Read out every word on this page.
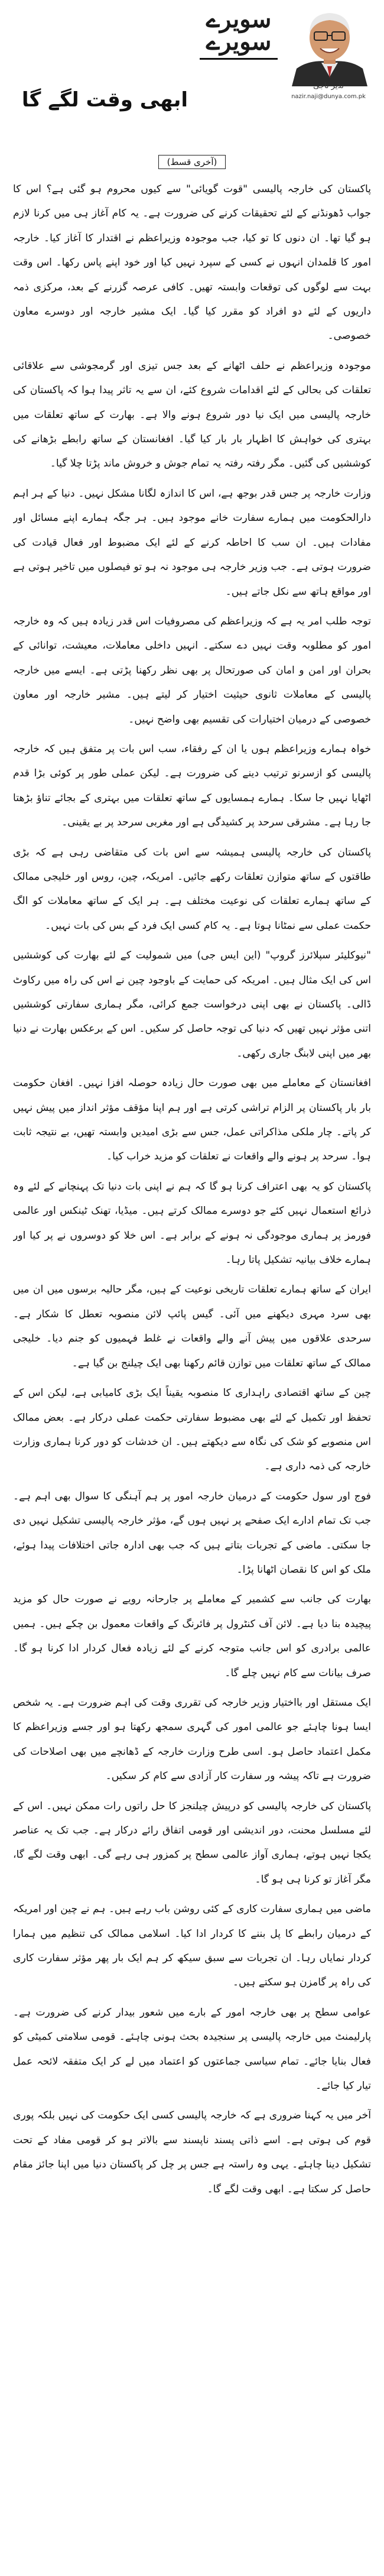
سویرے
سویرے
نذیر ناجی
nazir.naji@dunya.com.pk
ابھی وقت لگے گا
(آخری قسط)

پاکستان کی خارجہ پالیسی "قوت گویائی" سے کیوں محروم ہو گئی ہے؟ اس کا جواب ڈھونڈنے کے لئے تحقیقات کرنے کی ضرورت ہے۔ یہ کام آغاز ہی میں کرنا لازم ہو گیا تھا۔ ان دنوں کا تو کیا، جب موجودہ وزیراعظم نے اقتدار کا آغاز کیا۔ خارجہ امور کا قلمدان انہوں نے کسی کے سپرد نہیں کیا اور خود اپنے پاس رکھا۔ اس وقت بہت سے لوگوں کی توقعات وابستہ تھیں۔ کافی عرصہ گزرنے کے بعد، مرکزی ذمہ داریوں کے لئے دو افراد کو مقرر کیا گیا۔ ایک مشیر خارجہ اور دوسرے معاون خصوصی۔

موجودہ وزیراعظم نے حلف اٹھانے کے بعد جس تیزی اور گرمجوشی سے علاقائی تعلقات کی بحالی کے لئے اقدامات شروع کئے، ان سے یہ تاثر پیدا ہوا کہ پاکستان کی خارجہ پالیسی میں ایک نیا دور شروع ہونے والا ہے۔ بھارت کے ساتھ تعلقات میں بہتری کی خواہش کا اظہار بار بار کیا گیا۔ افغانستان کے ساتھ رابطے بڑھانے کی کوششیں کی گئیں۔ مگر رفتہ رفتہ یہ تمام جوش و خروش ماند پڑتا چلا گیا۔

وزارت خارجہ پر جس قدر بوجھ ہے، اس کا اندازہ لگانا مشکل نہیں۔ دنیا کے ہر اہم دارالحکومت میں ہمارے سفارت خانے موجود ہیں۔ ہر جگہ ہمارے اپنے مسائل اور مفادات ہیں۔ ان سب کا احاطہ کرنے کے لئے ایک مضبوط اور فعال قیادت کی ضرورت ہوتی ہے۔ جب وزیر خارجہ ہی موجود نہ ہو تو فیصلوں میں تاخیر ہوتی ہے اور مواقع ہاتھ سے نکل جاتے ہیں۔

توجہ طلب امر یہ ہے کہ وزیراعظم کی مصروفیات اس قدر زیادہ ہیں کہ وہ خارجہ امور کو مطلوبہ وقت نہیں دے سکتے۔ انہیں داخلی معاملات، معیشت، توانائی کے بحران اور امن و امان کی صورتحال پر بھی نظر رکھنا پڑتی ہے۔ ایسے میں خارجہ پالیسی کے معاملات ثانوی حیثیت اختیار کر لیتے ہیں۔ مشیر خارجہ اور معاون خصوصی کے درمیان اختیارات کی تقسیم بھی واضح نہیں۔

خواہ ہمارے وزیراعظم ہوں یا ان کے رفقاء، سب اس بات پر متفق ہیں کہ خارجہ پالیسی کو ازسرنو ترتیب دینے کی ضرورت ہے۔ لیکن عملی طور پر کوئی بڑا قدم اٹھایا نہیں جا سکا۔ ہمارے ہمسایوں کے ساتھ تعلقات میں بہتری کے بجائے تناؤ بڑھتا جا رہا ہے۔ مشرقی سرحد پر کشیدگی ہے اور مغربی سرحد پر بے یقینی۔

پاکستان کی خارجہ پالیسی ہمیشہ سے اس بات کی متقاضی رہی ہے کہ بڑی طاقتوں کے ساتھ متوازن تعلقات رکھے جائیں۔ امریکہ، چین، روس اور خلیجی ممالک کے ساتھ ہمارے تعلقات کی نوعیت مختلف ہے۔ ہر ایک کے ساتھ معاملات کو الگ حکمت عملی سے نمٹانا ہوتا ہے۔ یہ کام کسی ایک فرد کے بس کی بات نہیں۔

"نیوکلیئر سپلائرز گروپ" (این ایس جی) میں شمولیت کے لئے بھارت کی کوششیں اس کی ایک مثال ہیں۔ امریکہ کی حمایت کے باوجود چین نے اس کی راہ میں رکاوٹ ڈالی۔ پاکستان نے بھی اپنی درخواست جمع کرائی، مگر ہماری سفارتی کوششیں اتنی مؤثر نہیں تھیں کہ دنیا کی توجہ حاصل کر سکیں۔ اس کے برعکس بھارت نے دنیا بھر میں اپنی لابنگ جاری رکھی۔

افغانستان کے معاملے میں بھی صورت حال زیادہ حوصلہ افزا نہیں۔ افغان حکومت بار بار پاکستان پر الزام تراشی کرتی ہے اور ہم اپنا مؤقف مؤثر انداز میں پیش نہیں کر پاتے۔ چار ملکی مذاکراتی عمل، جس سے بڑی امیدیں وابستہ تھیں، بے نتیجہ ثابت ہوا۔ سرحد پر ہونے والے واقعات نے تعلقات کو مزید خراب کیا۔

پاکستان کو یہ بھی اعتراف کرنا ہو گا کہ ہم نے اپنی بات دنیا تک پہنچانے کے لئے وہ ذرائع استعمال نہیں کئے جو دوسرے ممالک کرتے ہیں۔ میڈیا، تھنک ٹینکس اور عالمی فورمز پر ہماری موجودگی نہ ہونے کے برابر ہے۔ اس خلا کو دوسروں نے پر کیا اور ہمارے خلاف بیانیہ تشکیل پاتا رہا۔

ایران کے ساتھ ہمارے تعلقات تاریخی نوعیت کے ہیں، مگر حالیہ برسوں میں ان میں بھی سرد مہری دیکھنے میں آئی۔ گیس پائپ لائن منصوبہ تعطل کا شکار ہے۔ سرحدی علاقوں میں پیش آنے والے واقعات نے غلط فہمیوں کو جنم دیا۔ خلیجی ممالک کے ساتھ تعلقات میں توازن قائم رکھنا بھی ایک چیلنج بن گیا ہے۔

چین کے ساتھ اقتصادی راہداری کا منصوبہ یقیناً ایک بڑی کامیابی ہے، لیکن اس کے تحفظ اور تکمیل کے لئے بھی مضبوط سفارتی حکمت عملی درکار ہے۔ بعض ممالک اس منصوبے کو شک کی نگاہ سے دیکھتے ہیں۔ ان خدشات کو دور کرنا ہماری وزارت خارجہ کی ذمہ داری ہے۔

فوج اور سول حکومت کے درمیان خارجہ امور پر ہم آہنگی کا سوال بھی اہم ہے۔ جب تک تمام ادارے ایک صفحے پر نہیں ہوں گے، مؤثر خارجہ پالیسی تشکیل نہیں دی جا سکتی۔ ماضی کے تجربات بتاتے ہیں کہ جب بھی ادارہ جاتی اختلافات پیدا ہوئے، ملک کو اس کا نقصان اٹھانا پڑا۔

بھارت کی جانب سے کشمیر کے معاملے پر جارحانہ رویے نے صورت حال کو مزید پیچیدہ بنا دیا ہے۔ لائن آف کنٹرول پر فائرنگ کے واقعات معمول بن چکے ہیں۔ ہمیں عالمی برادری کو اس جانب متوجہ کرنے کے لئے زیادہ فعال کردار ادا کرنا ہو گا۔ صرف بیانات سے کام نہیں چلے گا۔

ایک مستقل اور بااختیار وزیر خارجہ کی تقرری وقت کی اہم ضرورت ہے۔ یہ شخص ایسا ہونا چاہئے جو عالمی امور کی گہری سمجھ رکھتا ہو اور جسے وزیراعظم کا مکمل اعتماد حاصل ہو۔ اسی طرح وزارت خارجہ کے ڈھانچے میں بھی اصلاحات کی ضرورت ہے تاکہ پیشہ ور سفارت کار آزادی سے کام کر سکیں۔

پاکستان کی خارجہ پالیسی کو درپیش چیلنجز کا حل راتوں رات ممکن نہیں۔ اس کے لئے مسلسل محنت، دور اندیشی اور قومی اتفاق رائے درکار ہے۔ جب تک یہ عناصر یکجا نہیں ہوتے، ہماری آواز عالمی سطح پر کمزور ہی رہے گی۔ ابھی وقت لگے گا، مگر آغاز تو کرنا ہی ہو گا۔

ماضی میں ہماری سفارت کاری کے کئی روشن باب رہے ہیں۔ ہم نے چین اور امریکہ کے درمیان رابطے کا پل بننے کا کردار ادا کیا۔ اسلامی ممالک کی تنظیم میں ہمارا کردار نمایاں رہا۔ ان تجربات سے سبق سیکھ کر ہم ایک بار پھر مؤثر سفارت کاری کی راہ پر گامزن ہو سکتے ہیں۔

عوامی سطح پر بھی خارجہ امور کے بارے میں شعور بیدار کرنے کی ضرورت ہے۔ پارلیمنٹ میں خارجہ پالیسی پر سنجیدہ بحث ہونی چاہئے۔ قومی سلامتی کمیٹی کو فعال بنایا جائے۔ تمام سیاسی جماعتوں کو اعتماد میں لے کر ایک متفقہ لائحہ عمل تیار کیا جائے۔

آخر میں یہ کہنا ضروری ہے کہ خارجہ پالیسی کسی ایک حکومت کی نہیں بلکہ پوری قوم کی ہوتی ہے۔ اسے ذاتی پسند ناپسند سے بالاتر ہو کر قومی مفاد کے تحت تشکیل دینا چاہئے۔ یہی وہ راستہ ہے جس پر چل کر پاکستان دنیا میں اپنا جائز مقام حاصل کر سکتا ہے۔ ابھی وقت لگے گا۔
